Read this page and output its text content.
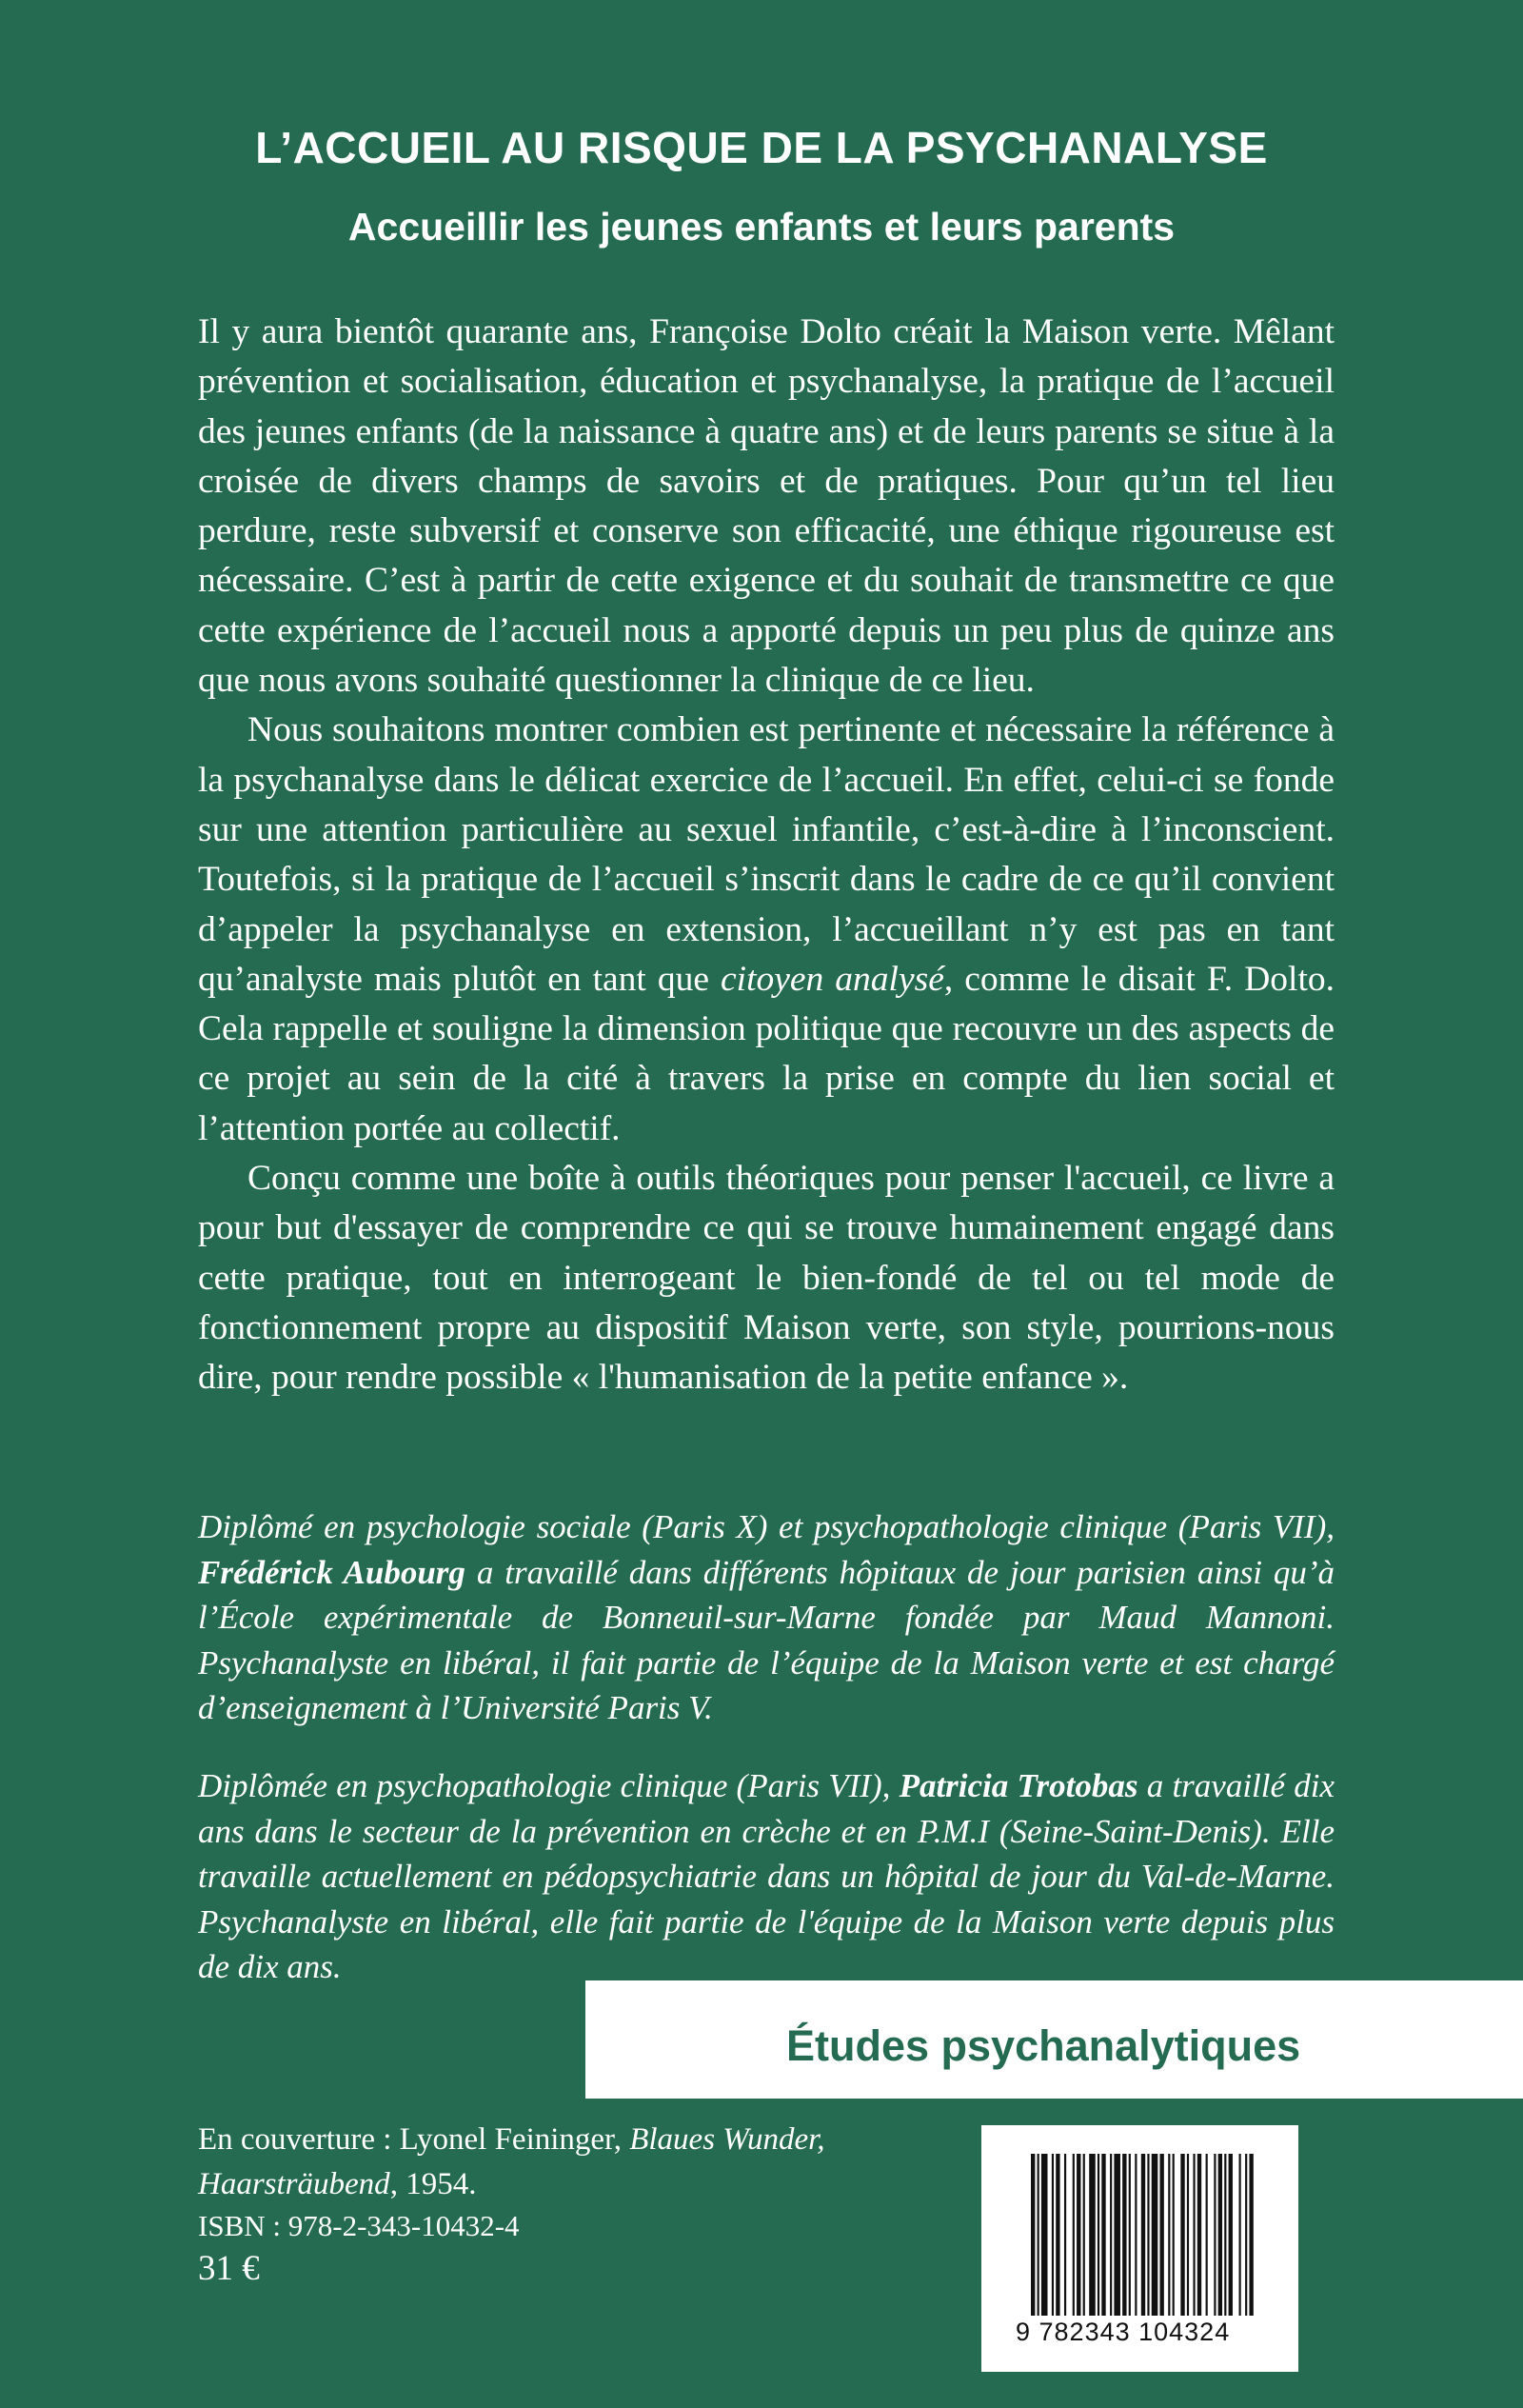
L’ACCUEIL AU RISQUE DE LA PSYCHANALYSE
Accueillir les jeunes enfants et leurs parents

Il y aura bientôt quarante ans, Françoise Dolto créait la Maison verte. Mêlant prévention et socialisation, éducation et psychanalyse, la pratique de l’accueil des jeunes enfants (de la naissance à quatre ans) et de leurs parents se situe à la croisée de divers champs de savoirs et de pratiques. Pour qu’un tel lieu perdure, reste subversif et conserve son efficacité, une éthique rigoureuse est nécessaire. C’est à partir de cette exigence et du souhait de transmettre ce que cette expérience de l’accueil nous a apporté depuis un peu plus de quinze ans que nous avons souhaité questionner la clinique de ce lieu.

Nous souhaitons montrer combien est pertinente et nécessaire la référence à la psychanalyse dans le délicat exercice de l’accueil. En effet, celui-ci se fonde sur une attention particulière au sexuel infantile, c’est-à-dire à l’inconscient. Toutefois, si la pratique de l’accueil s’inscrit dans le cadre de ce qu’il convient d’appeler la psychanalyse en extension, l’accueillant n’y est pas en tant qu’analyste mais plutôt en tant que citoyen analysé, comme le disait F. Dolto. Cela rappelle et souligne la dimension politique que recouvre un des aspects de ce projet au sein de la cité à travers la prise en compte du lien social et l’attention portée au collectif.

Conçu comme une boîte à outils théoriques pour penser l'accueil, ce livre a pour but d'essayer de comprendre ce qui se trouve humainement engagé dans cette pratique, tout en interrogeant le bien-fondé de tel ou tel mode de fonctionnement propre au dispositif Maison verte, son style, pourrions-nous dire, pour rendre possible « l'humanisation de la petite enfance ».

Diplômé en psychologie sociale (Paris X) et psychopathologie clinique (Paris VII), Frédérick Aubourg a travaillé dans différents hôpitaux de jour parisien ainsi qu’à l’École expérimentale de Bonneuil-sur-Marne fondée par Maud Mannoni. Psychanalyste en libéral, il fait partie de l’équipe de la Maison verte et est chargé d’enseignement à l’Université Paris V.

Diplômée en psychopathologie clinique (Paris VII), Patricia Trotobas a travaillé dix ans dans le secteur de la prévention en crèche et en P.M.I (Seine-Saint-Denis). Elle travaille actuellement en pédopsychiatrie dans un hôpital de jour du Val-de-Marne. Psychanalyste en libéral, elle fait partie de l'équipe de la Maison verte depuis plus de dix ans.

Études psychanalytiques

En couverture : Lyonel Feininger, Blaues Wunder, Haarsträubend, 1954.

ISBN : 978-2-343-10432-4

31 €

9 782343 104324
